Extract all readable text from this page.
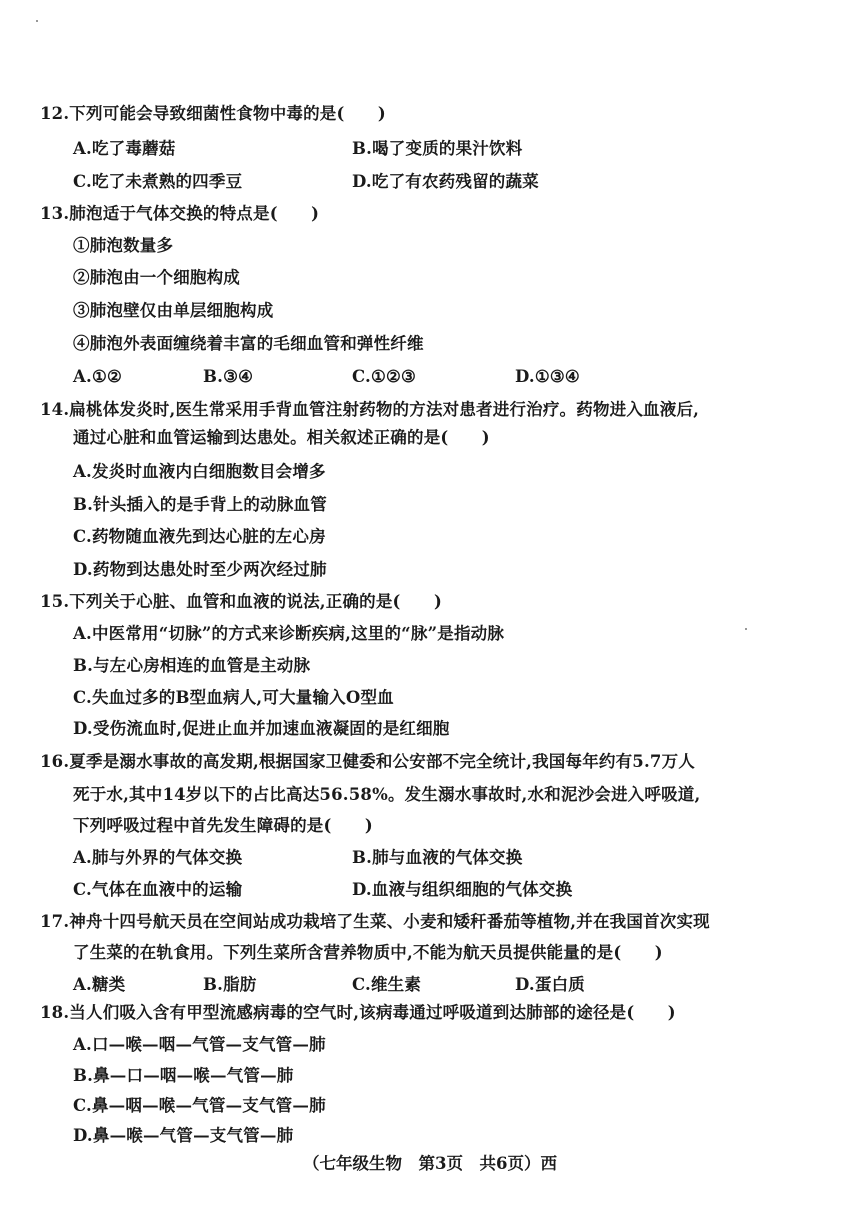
12.下列可能会导致细菌性食物中毒的是(　　)
A.吃了毒蘑菇	B.喝了变质的果汁饮料
C.吃了未煮熟的四季豆	D.吃了有农药残留的蔬菜
13.肺泡适于气体交换的特点是(　　)
①肺泡数量多
②肺泡由一个细胞构成
③肺泡壁仅由单层细胞构成
④肺泡外表面缠绕着丰富的毛细血管和弹性纤维
A.①②	B.③④	C.①②③	D.①③④
14.扁桃体发炎时,医生常采用手背血管注射药物的方法对患者进行治疗。药物进入血液后,
通过心脏和血管运输到达患处。相关叙述正确的是(　　)
A.发炎时血液内白细胞数目会增多
B.针头插入的是手背上的动脉血管
C.药物随血液先到达心脏的左心房
D.药物到达患处时至少两次经过肺
15.下列关于心脏、血管和血液的说法,正确的是(　　)
A.中医常用“切脉”的方式来诊断疾病,这里的“脉”是指动脉
B.与左心房相连的血管是主动脉
C.失血过多的B型血病人,可大量输入O型血
D.受伤流血时,促进止血并加速血液凝固的是红细胞
16.夏季是溺水事故的高发期,根据国家卫健委和公安部不完全统计,我国每年约有5.7万人
死于水,其中14岁以下的占比高达56.58%。发生溺水事故时,水和泥沙会进入呼吸道,
下列呼吸过程中首先发生障碍的是(　　)
A.肺与外界的气体交换	B.肺与血液的气体交换
C.气体在血液中的运输	D.血液与组织细胞的气体交换
17.神舟十四号航天员在空间站成功栽培了生菜、小麦和矮秆番茄等植物,并在我国首次实现
了生菜的在轨食用。下列生菜所含营养物质中,不能为航天员提供能量的是(　　)
A.糖类	B.脂肪	C.维生素	D.蛋白质
18.当人们吸入含有甲型流感病毒的空气时,该病毒通过呼吸道到达肺部的途径是(　　)
A.口—喉—咽—气管—支气管—肺
B.鼻—口—咽—喉—气管—肺
C.鼻—咽—喉—气管—支气管—肺
D.鼻—喉—气管—支气管—肺
（七年级生物　第3页　共6页）西
